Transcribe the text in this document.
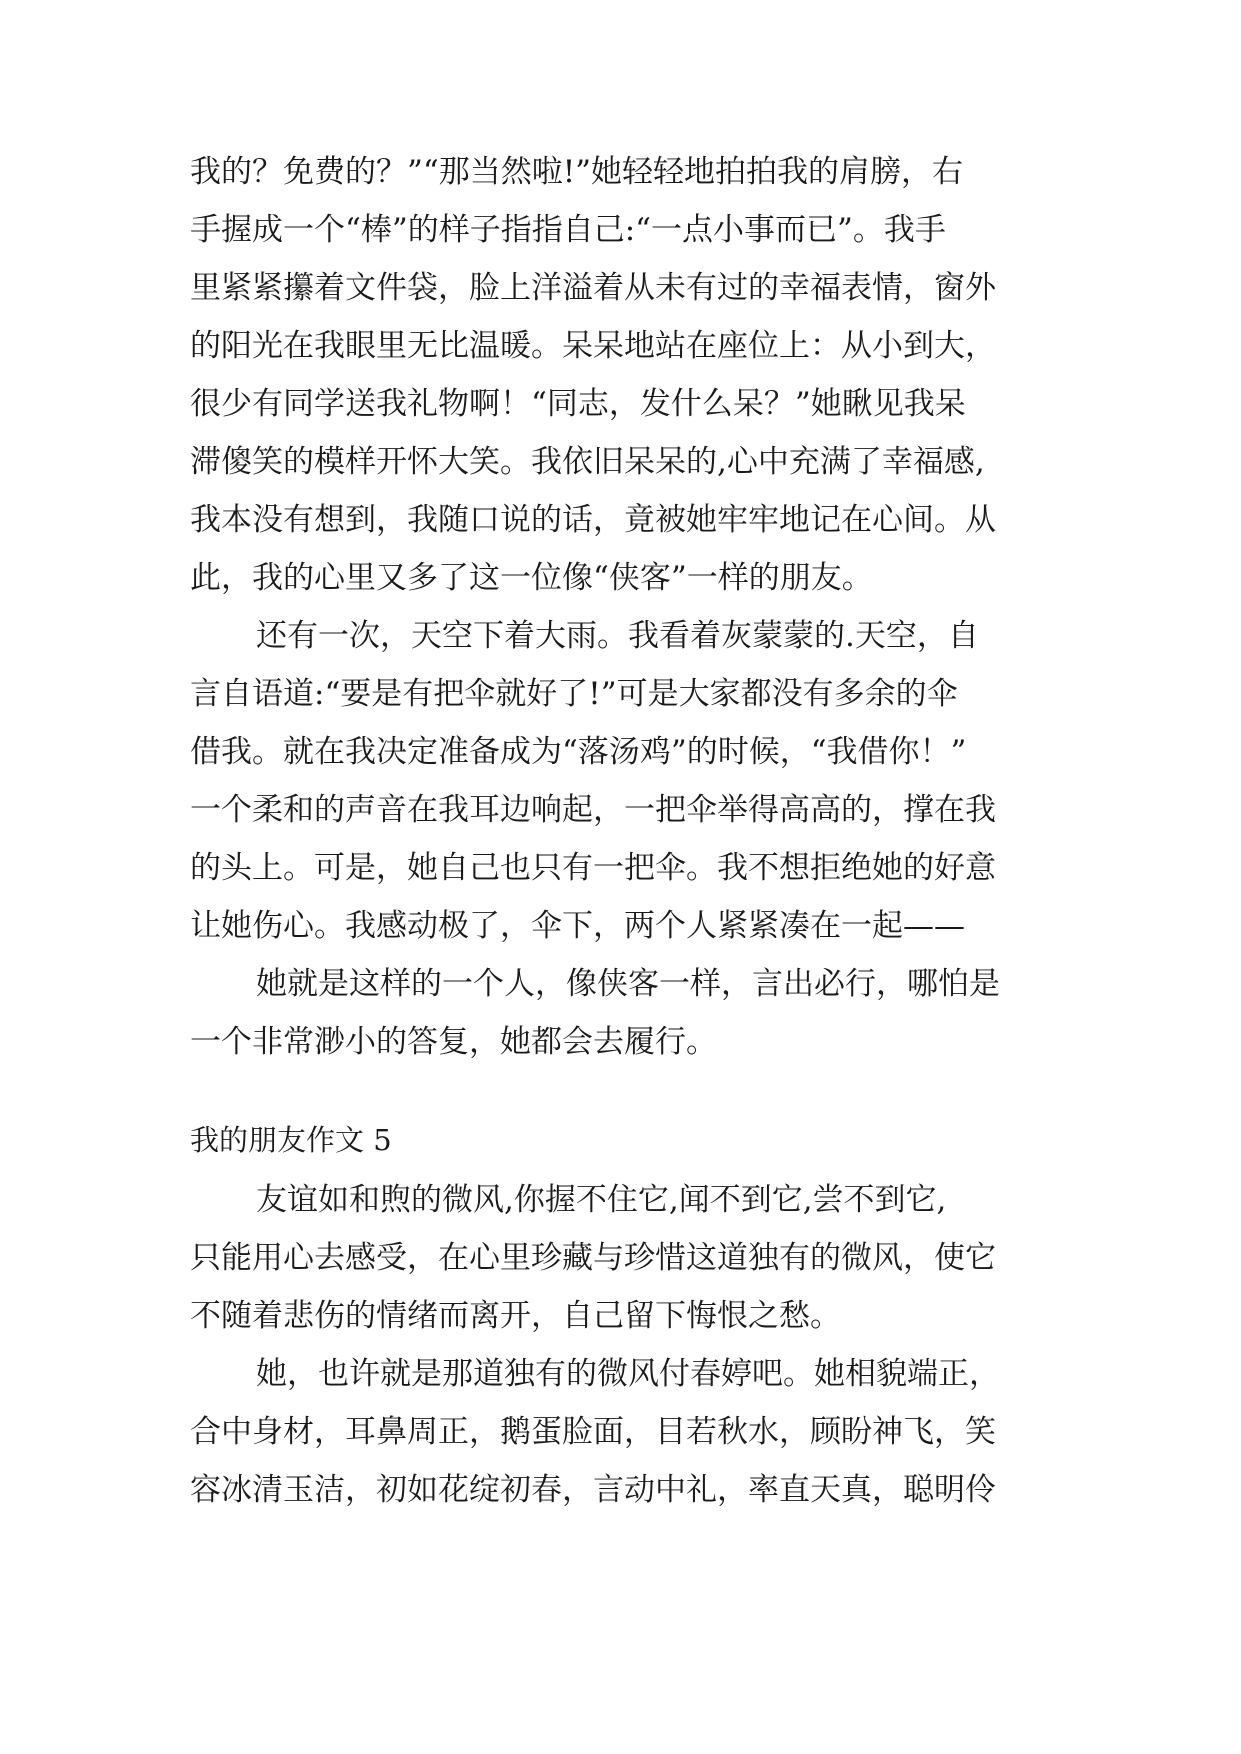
我的？免费的？”“那当然啦!”她轻轻地拍拍我的肩膀，右
手握成一个“棒”的样子指指自己:“一点小事而已”。我手
里紧紧攥着文件袋，脸上洋溢着从未有过的幸福表情，窗外
的阳光在我眼里无比温暖。呆呆地站在座位上：从小到大，
很少有同学送我礼物啊！“同志，发什么呆？”她瞅见我呆
滞傻笑的模样开怀大笑。我依旧呆呆的,心中充满了幸福感,
我本没有想到，我随口说的话，竟被她牢牢地记在心间。从
此，我的心里又多了这一位像“侠客”一样的朋友。
还有一次，天空下着大雨。我看着灰蒙蒙的.天空，自
言自语道:“要是有把伞就好了!”可是大家都没有多余的伞
借我。就在我决定准备成为“落汤鸡”的时候，“我借你！”
一个柔和的声音在我耳边响起，一把伞举得高高的，撑在我
的头上。可是，她自己也只有一把伞。我不想拒绝她的好意
让她伤心。我感动极了，伞下，两个人紧紧凑在一起——
她就是这样的一个人，像侠客一样，言出必行，哪怕是
一个非常渺小的答复，她都会去履行。
我的朋友作文 5
友谊如和煦的微风,你握不住它,闻不到它,尝不到它,
只能用心去感受，在心里珍藏与珍惜这道独有的微风，使它
不随着悲伤的情绪而离开，自己留下悔恨之愁。
她，也许就是那道独有的微风付春婷吧。她相貌端正，
合中身材，耳鼻周正，鹅蛋脸面，目若秋水，顾盼神飞，笑
容冰清玉洁，初如花绽初春，言动中礼，率直天真，聪明伶
